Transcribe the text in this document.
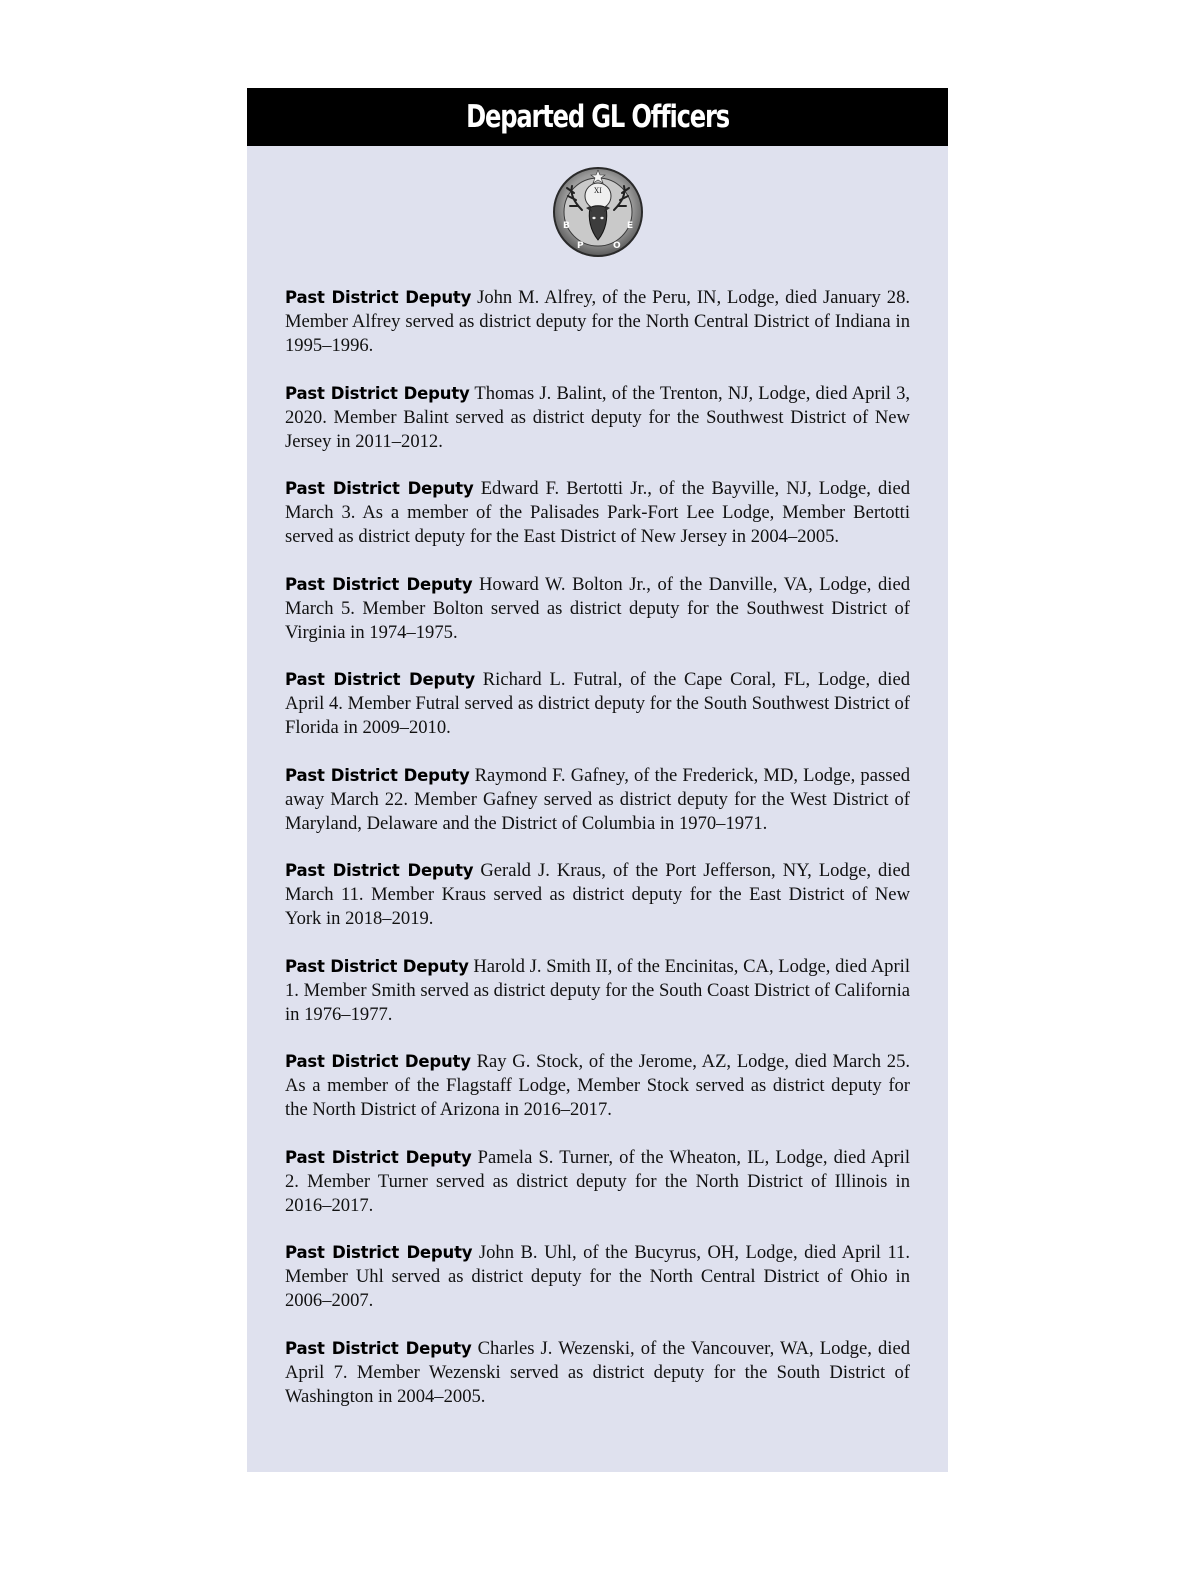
Departed GL Officers
XI
B
P	O
E

Past District Deputy John M. Alfrey, of the Peru, IN, Lodge, died January 28. Member Alfrey served as district deputy for the North Central District of Indiana in 1995–1996.

Past District Deputy Thomas J. Balint, of the Trenton, NJ, Lodge, died April 3, 2020. Member Balint served as district deputy for the Southwest District of New Jersey in 2011–2012.

Past District Deputy Edward F. Bertotti Jr., of the Bayville, NJ, Lodge, died March 3. As a member of the Palisades Park-Fort Lee Lodge, Member Bertotti served as district deputy for the East District of New Jersey in 2004–2005.

Past District Deputy Howard W. Bolton Jr., of the Danville, VA, Lodge, died March 5. Member Bolton served as district deputy for the Southwest District of Virginia in 1974–1975.

Past District Deputy Richard L. Futral, of the Cape Coral, FL, Lodge, died April 4. Member Futral served as district deputy for the South Southwest District of Florida in 2009–2010.

Past District Deputy Raymond F. Gafney, of the Frederick, MD, Lodge, passed away March 22. Member Gafney served as district deputy for the West District of Maryland, Delaware and the District of Columbia in 1970–1971.

Past District Deputy Gerald J. Kraus, of the Port Jefferson, NY, Lodge, died March 11. Member Kraus served as district deputy for the East District of New York in 2018–2019.

Past District Deputy Harold J. Smith II, of the Encinitas, CA, Lodge, died April 1. Member Smith served as district deputy for the South Coast District of California in 1976–1977.

Past District Deputy Ray G. Stock, of the Jerome, AZ, Lodge, died March 25. As a member of the Flagstaff Lodge, Member Stock served as district deputy for the North District of Arizona in 2016–2017.

Past District Deputy Pamela S. Turner, of the Wheaton, IL, Lodge, died April 2. Member Turner served as district deputy for the North District of Illinois in 2016–2017.

Past District Deputy John B. Uhl, of the Bucyrus, OH, Lodge, died April 11. Member Uhl served as district deputy for the North Central District of Ohio in 2006–2007.

Past District Deputy Charles J. Wezenski, of the Vancouver, WA, Lodge, died April 7. Member Wezenski served as district deputy for the South District of Washington in 2004–2005.
